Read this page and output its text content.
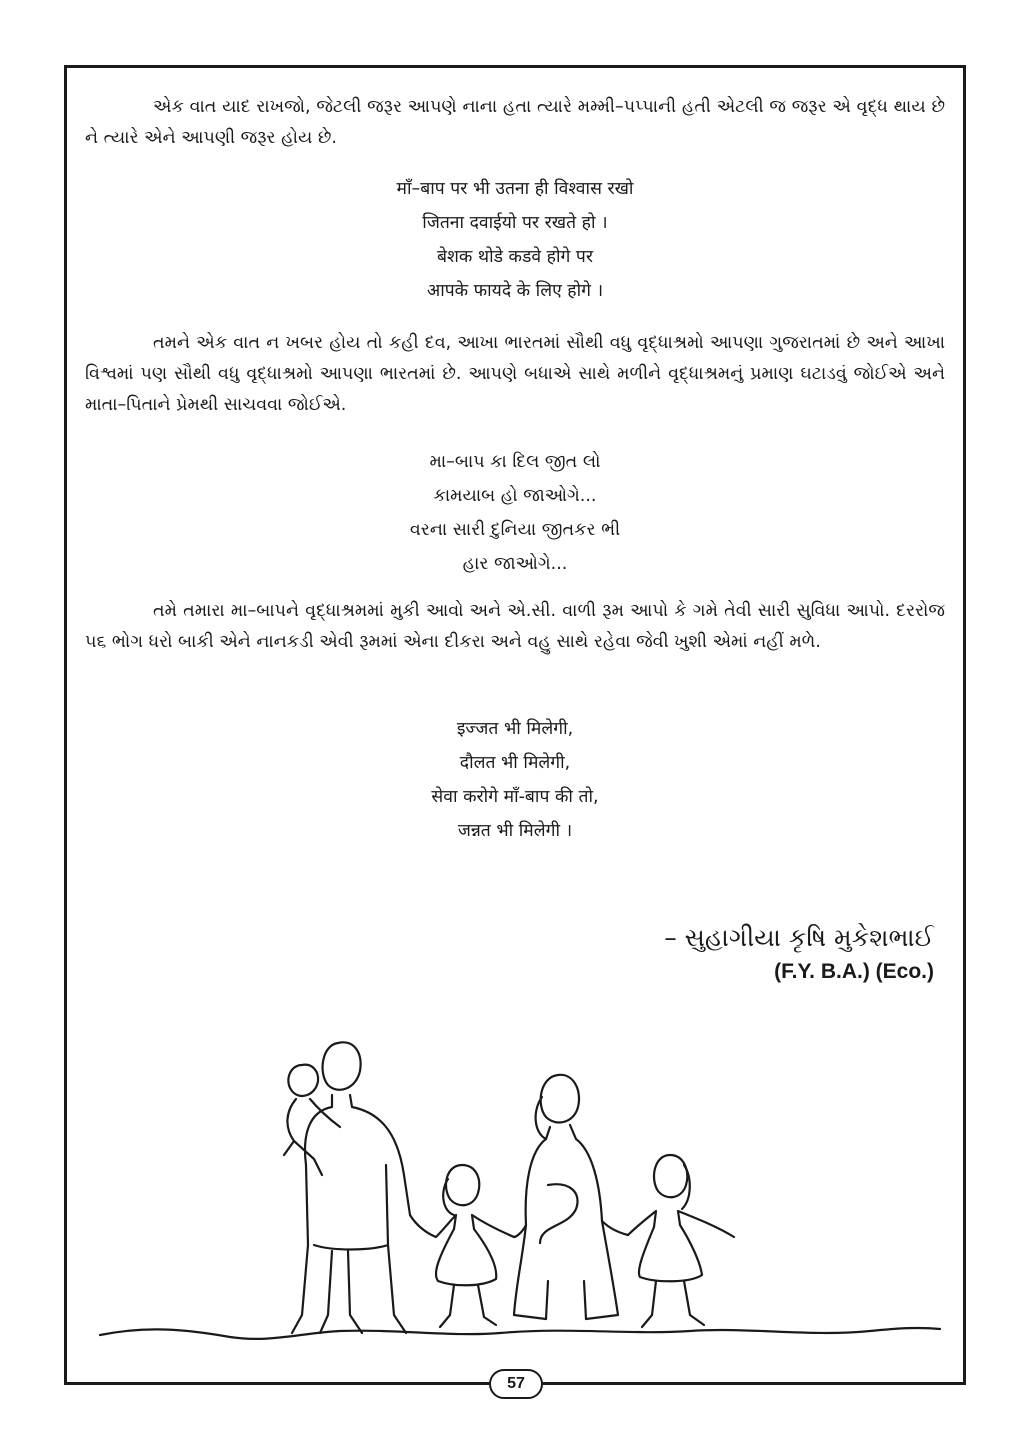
એક વાત યાદ રાખજો, જેટલી જરૂર આપણે નાના હતા ત્યારે મમ્મી–પપ્પાની હતી એટલી જ જરૂર એ વૃદ્ધ થાય છે ને ત્યારે એને આપણી જરૂર હોય છે.

माँ–बाप पर भी उतना ही विश्वास रखो
जितना दवाईयो पर रखते हो ।
बेशक थोडे कडवे होगे पर
आपके फायदे के लिए होगे ।

તમને એક વાત ન ખબર હોય તો કહી દવ, આખા ભારતમાં સૌથી વધુ વૃદ્ધાશ્રમો આપણા ગુજરાતમાં છે અને આખા વિશ્વમાં પણ સૌથી વધુ વૃદ્ધાશ્રમો આપણા ભારતમાં છે. આપણે બધાએ સાથે મળીને વૃદ્ધાશ્રમનું પ્રમાણ ઘટાડવું જોઈએ અને માતા–પિતાને પ્રેમથી સાચવવા જોઈએ.

મા–બાપ કા દિલ જીત લો
કામયાબ હો જાઓગે...
વરના સારી દુનિયા જીતકર ભી
હાર જાઓગે...

તમે તમારા મા–બાપને વૃદ્ધાશ્રમમાં મુકી આવો અને એ.સી. વાળી રૂમ આપો કે ગમે તેવી સારી સુવિધા આપો. દરરોજ ૫૬ ભોગ ધરો બાકી એને નાનકડી એવી રૂમમાં એના દીકરા અને વહુ સાથે રહેવા જેવી ખુશી એમાં નહીં મળે.

इज्जत भी मिलेगी,
दौलत भी मिलेगी,
सेवा करोगे माँ-बाप की तो,
जन्नत भी मिलेगी ।
– સુહાગીયા કૃષિ મુકેશભાઈ
(F.Y. B.A.) (Eco.)
57
